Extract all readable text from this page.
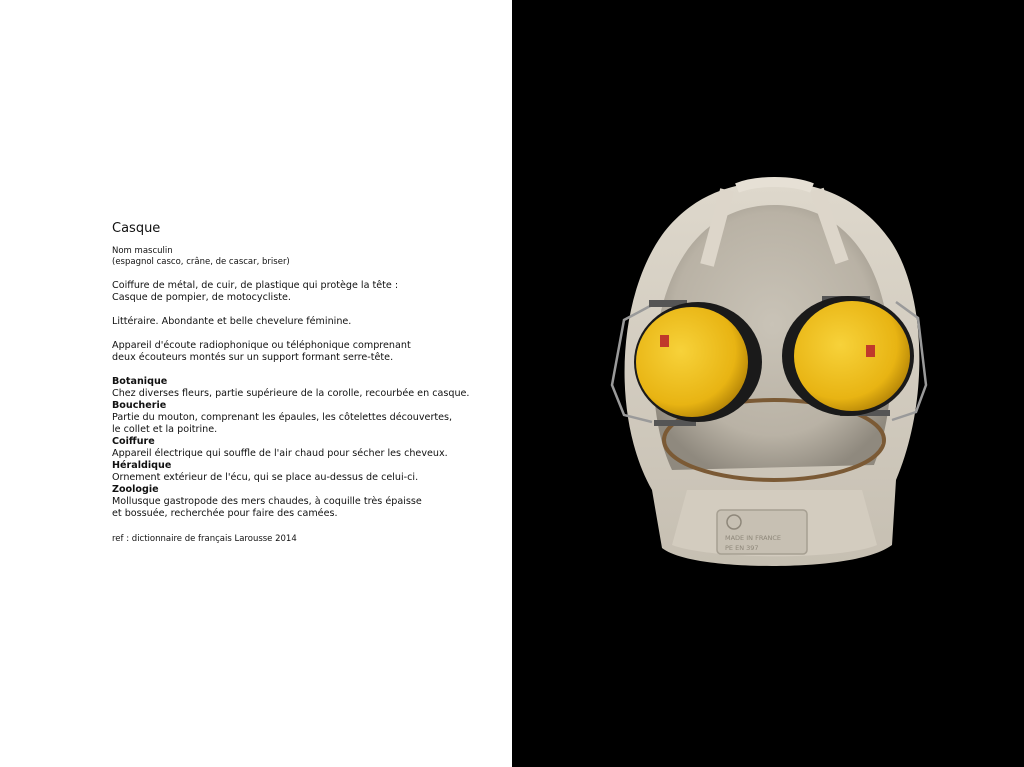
Casque

Nom masculin

(espagnol casco, crâne, de cascar, briser)

Coiffure de métal, de cuir, de plastique qui protège la tête :

Casque de pompier, de motocycliste.

Littéraire. Abondante et belle chevelure féminine.

Appareil d'écoute radiophonique ou téléphonique comprenant

deux écouteurs montés sur un support formant serre-tête.

Botanique

Chez diverses fleurs, partie supérieure de la corolle, recourbée en casque.

Boucherie

Partie du mouton, comprenant les épaules, les côtelettes découvertes,

le collet et la poitrine.

Coiffure

Appareil électrique qui souffle de l'air chaud pour sécher les cheveux.

Héraldique

Ornement extérieur de l'écu, qui se place au-dessus de celui-ci.

Zoologie

Mollusque gastropode des mers chaudes, à coquille très épaisse

et bossuée, recherchée pour faire des camées.

ref : dictionnaire de français Larousse 2014	MADE IN FRANCE
PE EN 397
